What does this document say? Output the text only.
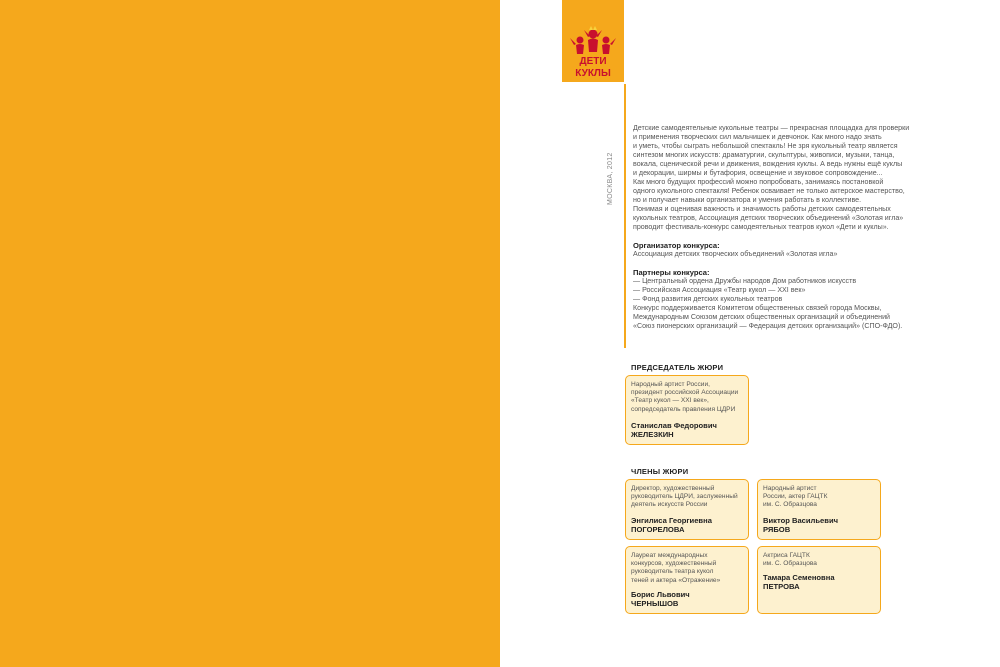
ДЕТИ
КУКЛЫ
МОСКВА, 2012

Детские самодеятельные кукольные театры — прекрасная площадка для проверки

и применения творческих сил мальчишек и девчонок. Как много надо знать

и уметь, чтобы сыграть небольшой спектакль! Не зря кукольный театр является

синтезом многих искусств: драматургии, скульптуры, живописи, музыки, танца,

вокала, сценической речи и движения, вождения куклы. А ведь нужны ещё куклы

и декорации, ширмы и бутафория, освещение и звуковое сопровождение...

Как много будущих профессий можно попробовать, занимаясь постановкой

одного кукольного спектакля! Ребенок осваивает не только актерское мастерство,

но и получает навыки организатора и умения работать в коллективе.

Понимая и оценивая важность и значимость работы детских самодеятельных

кукольных театров, Ассоциация детских творческих объединений «Золотая игла»

проводит фестиваль-конкурс самодеятельных театров кукол «Дети и куклы».

Организатор конкурса:

Ассоциация детских творческих объединений «Золотая игла»

Партнеры конкурса:

— Центральный ордена Дружбы народов Дом работников искусств
— Российская Ассоциация «Театр кукол — XXI век»
— Фонд развития детских кукольных театров

Конкурс поддерживается Комитетом общественных связей города Москвы,

Международным Союзом детских общественных организаций и объединений

«Союз пионерских организаций — Федерация детских организаций» (СПО-ФДО).

ПРЕДСЕДАТЕЛЬ ЖЮРИ

Народный артист России,

президент российской Ассоциации

«Театр кукол — XXI век»,

сопредседатель правления ЦДРИ

Станислав Федорович
ЖЕЛЕЗКИН
ЧЛЕНЫ ЖЮРИ

Директор, художественный

руководитель ЦДРИ, заслуженный

деятель искусств России

Энгилиса Георгиевна
ПОГОРЕЛОВА

Народный артист

России, актер ГАЦТК

им. С. Образцова

Виктор Васильевич
РЯБОВ

Лауреат международных

конкурсов, художественный

руководитель театра кукол

теней и актера «Отражение»

Борис Львович
ЧЕРНЫШОВ

Актриса ГАЦТК

им. С. Образцова

Тамара Семеновна
ПЕТРОВА
